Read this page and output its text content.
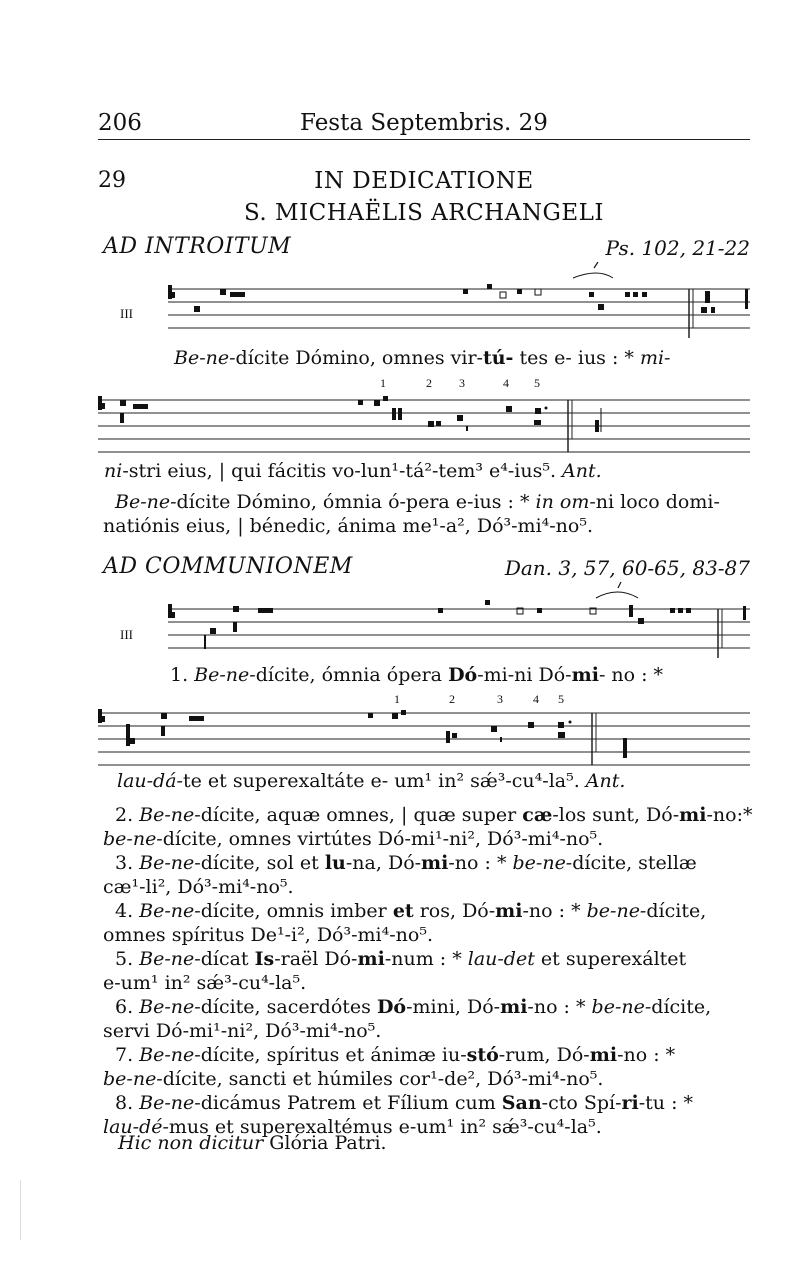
206	Festa Septembris. 29
29	IN DEDICATIONE
S. MICHAËLIS ARCHANGELI
AD INTROITUM	Ps. 102, 21-22
III
Be-ne-dícite Dómino, omnes vir-tú- tes e- ius : * mi-
1	2 3	4 5
ni-stri eius, | qui fácitis vo-lun¹-tá²-tem³ e⁴-ius⁵. Ant.

Be-ne-dícite Dómino, ómnia ó-pera e-ius : * in om-ni loco domi-

natiónis eius, | bénedic, ánima me¹-a², Dó³-mi⁴-no⁵.

AD COMMUNIONEM	Dan. 3, 57, 60-65, 83-87
III
1. Be-ne-dícite, ómnia ópera Dó-mi-ni Dó-mi- no : *
1	2	3	4 5
lau-dá-te et superexaltáte e- um¹ in² sǽ³-cu⁴-la⁵. Ant.

2. Be-ne-dícite, aquæ omnes, | quæ super cæ-los sunt, Dó-mi-no:*

be-ne-dícite, omnes virtútes Dó-mi¹-ni², Dó³-mi⁴-no⁵.

3. Be-ne-dícite, sol et lu-na, Dó-mi-no : * be-ne-dícite, stellæ

cæ¹-li², Dó³-mi⁴-no⁵.

4. Be-ne-dícite, omnis imber et ros, Dó-mi-no : * be-ne-dícite,

omnes spíritus De¹-i², Dó³-mi⁴-no⁵.

5. Be-ne-dícat Is-raël Dó-mi-num : * lau-det et superexáltet

e-um¹ in² sǽ³-cu⁴-la⁵.

6. Be-ne-dícite, sacerdótes Dó-mini, Dó-mi-no : * be-ne-dícite,

servi Dó-mi¹-ni², Dó³-mi⁴-no⁵.

7. Be-ne-dícite, spíritus et ánimæ iu-stó-rum, Dó-mi-no : *

be-ne-dícite, sancti et húmiles cor¹-de², Dó³-mi⁴-no⁵.

8. Be-ne-dicámus Patrem et Fílium cum San-cto Spí-ri-tu : *

lau-dé-mus et superexaltémus e-um¹ in² sǽ³-cu⁴-la⁵.

Hic non dicitur Glória Patri.
